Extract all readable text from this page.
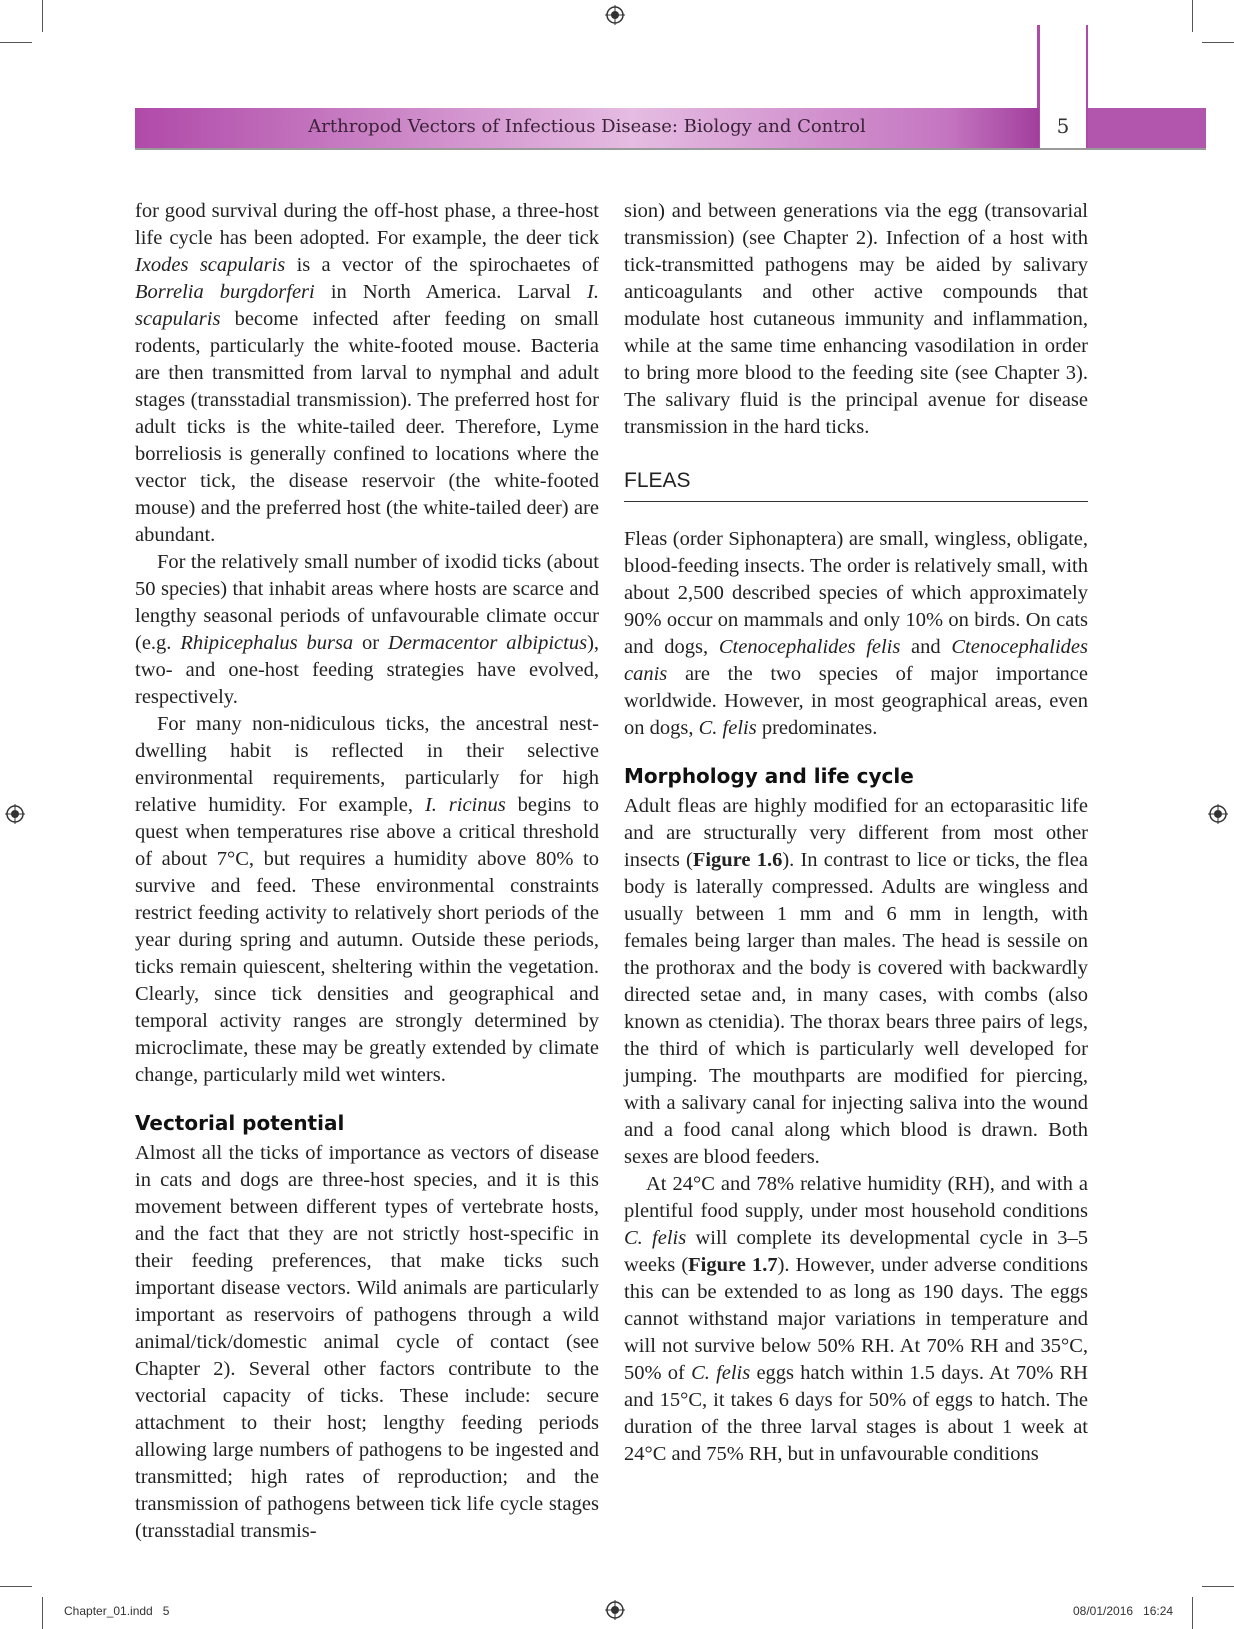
Arthropod Vectors of Infectious Disease: Biology and Control	5

for good survival during the off-host phase, a three-host life cycle has been adopted. For example, the deer tick Ixodes scapularis is a vector of the spirochaetes of Borrelia burgdorferi in North America. Larval I. scapularis become infected after feeding on small rodents, particularly the white-footed mouse. Bacteria are then transmitted from larval to nymphal and adult stages (transstadial transmission). The preferred host for adult ticks is the white-tailed deer. Therefore, Lyme borreliosis is generally confined to locations where the vector tick, the disease reservoir (the white-footed mouse) and the preferred host (the white-tailed deer) are abundant.

For the relatively small number of ixodid ticks (about 50 species) that inhabit areas where hosts are scarce and lengthy seasonal periods of unfavourable climate occur (e.g. Rhipicephalus bursa or Dermacentor albipictus), two- and one-host feeding strategies have evolved, respectively.

For many non-nidiculous ticks, the ancestral nest-dwelling habit is reflected in their selective environmental requirements, particularly for high relative humidity. For example, I. ricinus begins to quest when temperatures rise above a critical threshold of about 7°C, but requires a humidity above 80% to survive and feed. These environmental constraints restrict feeding activity to relatively short periods of the year during spring and autumn. Outside these periods, ticks remain quiescent, sheltering within the vegetation. Clearly, since tick densities and geographical and temporal activity ranges are strongly determined by microclimate, these may be greatly extended by climate change, particularly mild wet winters.

Vectorial potential

Almost all the ticks of importance as vectors of disease in cats and dogs are three-host species, and it is this movement between different types of vertebrate hosts, and the fact that they are not strictly host-specific in their feeding preferences, that make ticks such important disease vectors. Wild animals are particularly important as reservoirs of pathogens through a wild animal/tick/domestic animal cycle of contact (see Chapter 2). Several other factors contribute to the vectorial capacity of ticks. These include: secure attachment to their host; lengthy feeding periods allowing large numbers of pathogens to be ingested and transmitted; high rates of reproduction; and the transmission of pathogens between tick life cycle stages (transstadial transmis-

sion) and between generations via the egg (transovarial transmission) (see Chapter 2). Infection of a host with tick-transmitted pathogens may be aided by salivary anticoagulants and other active compounds that modulate host cutaneous immunity and inflammation, while at the same time enhancing vasodilation in order to bring more blood to the feeding site (see Chapter 3). The salivary fluid is the principal avenue for disease transmission in the hard ticks.

FLEAS

Fleas (order Siphonaptera) are small, wingless, obligate, blood-feeding insects. The order is relatively small, with about 2,500 described species of which approximately 90% occur on mammals and only 10% on birds. On cats and dogs, Ctenocephalides felis and Ctenocephalides canis are the two species of major importance worldwide. However, in most geographical areas, even on dogs, C. felis predominates.

Morphology and life cycle

Adult fleas are highly modified for an ectoparasitic life and are structurally very different from most other insects (Figure 1.6). In contrast to lice or ticks, the flea body is laterally compressed. Adults are wingless and usually between 1 mm and 6 mm in length, with females being larger than males. The head is sessile on the prothorax and the body is covered with backwardly directed setae and, in many cases, with combs (also known as ctenidia). The thorax bears three pairs of legs, the third of which is particularly well developed for jumping. The mouthparts are modified for piercing, with a salivary canal for injecting saliva into the wound and a food canal along which blood is drawn. Both sexes are blood feeders.

At 24°C and 78% relative humidity (RH), and with a plentiful food supply, under most household conditions C. felis will complete its developmental cycle in 3–5 weeks (Figure 1.7). However, under adverse conditions this can be extended to as long as 190 days. The eggs cannot withstand major variations in temperature and will not survive below 50% RH. At 70% RH and 35°C, 50% of C. felis eggs hatch within 1.5 days. At 70% RH and 15°C, it takes 6 days for 50% of eggs to hatch. The duration of the three larval stages is about 1 week at 24°C and 75% RH, but in unfavourable conditions

Chapter_01.indd   5	08/01/2016   16:24
